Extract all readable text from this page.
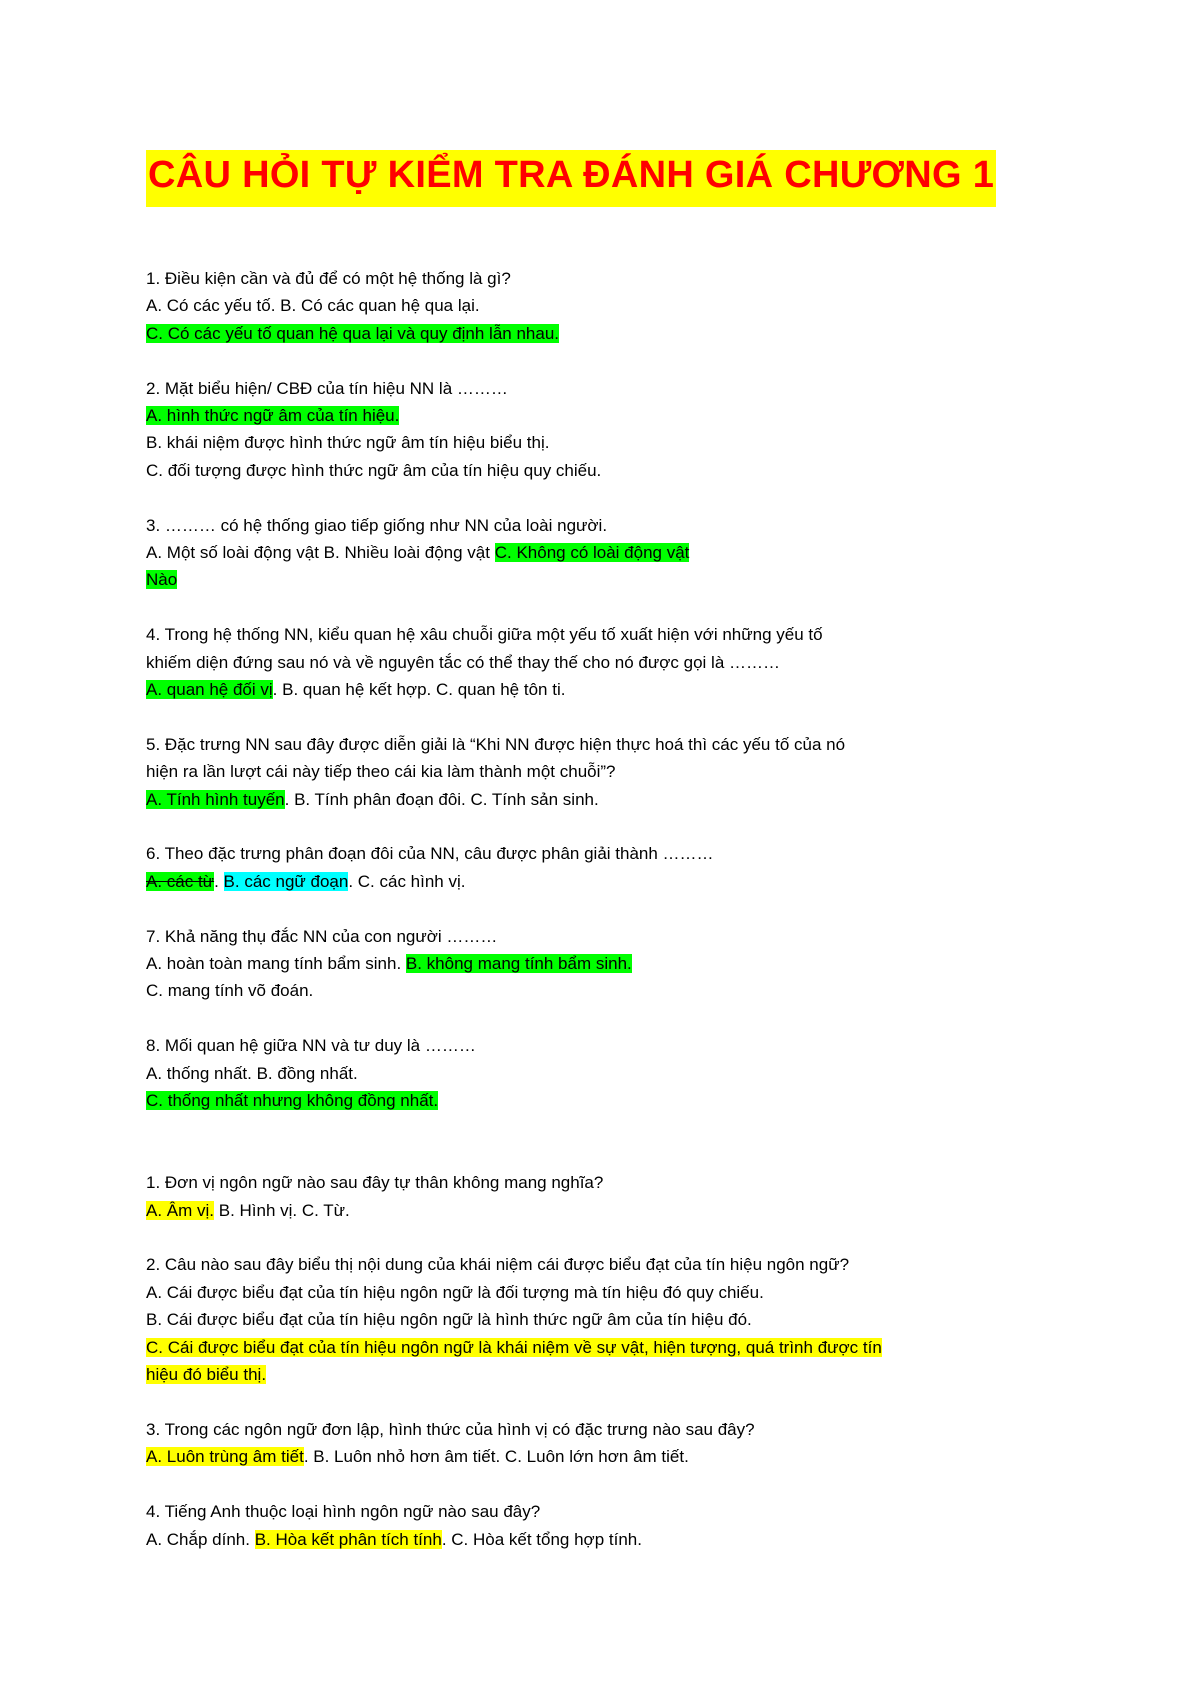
CÂU HỎI TỰ KIỂM TRA ĐÁNH GIÁ CHƯƠNG 1

1. Điều kiện cần và đủ để có một hệ thống là gì?

A. Có các yếu tố. B. Có các quan hệ qua lại.

C. Có các yếu tố quan hệ qua lại và quy định lẫn nhau.

2. Mặt biểu hiện/ CBĐ của tín hiệu NN là ………

A. hình thức ngữ âm của tín hiệu.

B. khái niệm được hình thức ngữ âm tín hiệu biểu thị.

C. đối tượng được hình thức ngữ âm của tín hiệu quy chiếu.

3. ……… có hệ thống giao tiếp giống như NN của loài người.

A. Một số loài động vật B. Nhiều loài động vật C. Không có loài động vật

Nào

4. Trong hệ thống NN, kiểu quan hệ xâu chuỗi giữa một yếu tố xuất hiện với những yếu tố

khiếm diện đứng sau nó và về nguyên tắc có thể thay thế cho nó được gọi là ………

A. quan hệ đối vị. B. quan hệ kết hợp. C. quan hệ tôn ti.

5. Đặc trưng NN sau đây được diễn giải là “Khi NN được hiện thực hoá thì các yếu tố của nó

hiện ra lần lượt cái này tiếp theo cái kia làm thành một chuỗi”?

A. Tính hình tuyến. B. Tính phân đoạn đôi. C. Tính sản sinh.

6. Theo đặc trưng phân đoạn đôi của NN, câu được phân giải thành ………

A. các từ. B. các ngữ đoạn. C. các hình vị.

7. Khả năng thụ đắc NN của con người ………

A. hoàn toàn mang tính bẩm sinh. B. không mang tính bẩm sinh.

C. mang tính võ đoán.

8. Mối quan hệ giữa NN và tư duy là ………

A. thống nhất. B. đồng nhất.

C. thống nhất nhưng không đồng nhất.

1. Đơn vị ngôn ngữ nào sau đây tự thân không mang nghĩa?

A. Âm vị. B. Hình vị. C. Từ.

2. Câu nào sau đây biểu thị nội dung của khái niệm cái được biểu đạt của tín hiệu ngôn ngữ?

A. Cái được biểu đạt của tín hiệu ngôn ngữ là đối tượng mà tín hiệu đó quy chiếu.

B. Cái được biểu đạt của tín hiệu ngôn ngữ là hình thức ngữ âm của tín hiệu đó.

C. Cái được biểu đạt của tín hiệu ngôn ngữ là khái niệm về sự vật, hiện tượng, quá trình được tín

hiệu đó biểu thị.

3. Trong các ngôn ngữ đơn lập, hình thức của hình vị có đặc trưng nào sau đây?

A. Luôn trùng âm tiết. B. Luôn nhỏ hơn âm tiết. C. Luôn lớn hơn âm tiết.

4. Tiếng Anh thuộc loại hình ngôn ngữ nào sau đây?

A. Chắp dính. B. Hòa kết phân tích tính. C. Hòa kết tổng hợp tính.
